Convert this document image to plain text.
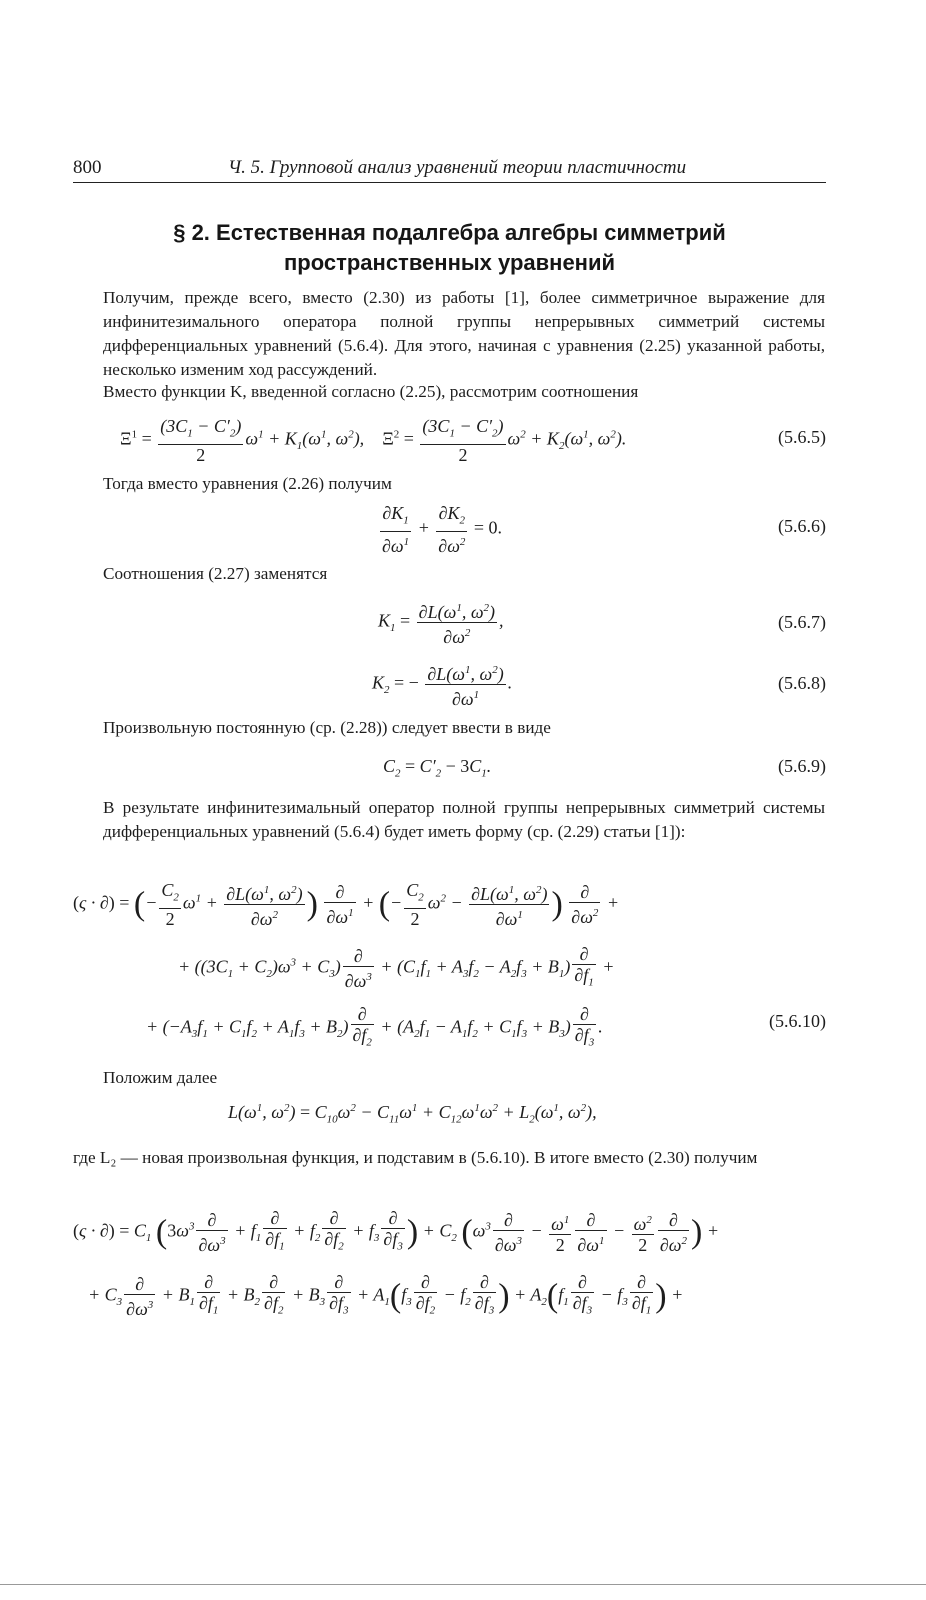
800	Ч. 5. Групповой анализ уравнений теории пластичности
§ 2. Естественная подалгебра алгебры симметрий
пространственных уравнений
Получим, прежде всего, вместо (2.30) из работы [1], более симметричное выражение для инфинитезимального оператора полной группы непрерывных симметрий системы дифференциальных уравнений (5.6.4). Для этого, начиная с уравнения (2.25) указанной работы, несколько изменим ход рассуждений.
Вместо функции K, введенной согласно (2.25), рассмотрим соотношения
$\Xi^1 = \frac{(3C_1 - C'_2)}{2} \omega^1 + K_1(\omega^1$, $\omega^2$),    $\Xi^2 = \frac{(3C_1 - C'_2)}{2} \omega^2 + K_2(\omega^1$, $\omega^2$).	(5.6.5)
Тогда вместо уравнения (2.26) получим
$\frac{\partial K_1}{\partial\omega^1} + \frac{\partial K_2}{\partial\omega^2} = 0$.	(5.6.6)
Соотношения (2.27) заменятся
$K_1 = \frac{\partial L(\omega^1, \omega^2)}{\partial\omega^2}$ ,	(5.6.7)
$K_2$ = − $\frac{\partial L(\omega^1, \omega^2)}{\partial\omega^1}$ .	(5.6.8)
Произвольную постоянную (ср. (2.28)) следует ввести в виде
$C_2 = C'_2 - 3C_1$.	(5.6.9)
В результате инфинитезимальный оператор полной группы непрерывных симметрий системы дифференциальных уравнений (5.6.4) будет иметь форму (ср. (2.29) статьи [1]):
(ς · ∂) = (− $\frac{C_2}{2} \omega^1 + \frac{\partial L(\omega^1, \omega^2)}{\partial\omega^2}$ ) $\frac{\partial}{\partial\omega^1}$ + (− $\frac{C_2}{2} \omega^2 - \frac{\partial L(\omega^1, \omega^2)}{\partial\omega^1}$ ) $\frac{\partial}{\partial\omega^2}$ +
+ $((3C_1 + C_2)\omega^3 + C_3) \frac{\partial}{\partial\omega^3} + (C_1f_1 + A_3f_2 - A_2f_3 + B_1) \frac{\partial}{\partial f_1}$ +
+ $(-A_3f_1 + C_1f_2 + A_1f_3 + B_2) \frac{\partial}{\partial f_2} + (A_2f_1 - A_1f_2 + C_1f_3 + B_3) \frac{\partial}{\partial f_3}$ .	(5.6.10)
Положим далее
$L(\omega^1$, $\omega^2) = C_{10}\omega^2 - C_{11}\omega^1 + C_{12}\omega^1\omega^2 + L_2(\omega^1$, $\omega^2$),
где L₂ — новая произвольная функция, и подставим в (5.6.10). В итоге вместо (2.30) получим
(ς · ∂) = $C_1$ ($3\omega^3 \frac{\partial}{\partial\omega^3} + f_1 \frac{\partial}{\partial f_1} + f_2 \frac{\partial}{\partial f_2} + f_3 \frac{\partial}{\partial f_3}$ ) + $C_2$ ($\omega^3 \frac{\partial}{\partial\omega^3} - \frac{\omega^1}{2} \frac{\partial}{\partial\omega^1} - \frac{\omega^2}{2} \frac{\partial}{\partial\omega^2}$ ) +
+ $C_3 \frac{\partial}{\partial\omega^3} + B_1 \frac{\partial}{\partial f_1} + B_2 \frac{\partial}{\partial f_2} + B_3 \frac{\partial}{\partial f_3} + A_1(f_3 \frac{\partial}{\partial f_2} - f_2 \frac{\partial}{\partial f_3}$ ) + $A_2(f_1 \frac{\partial}{\partial f_3} - f_3 \frac{\partial}{\partial f_1}$ ) +
